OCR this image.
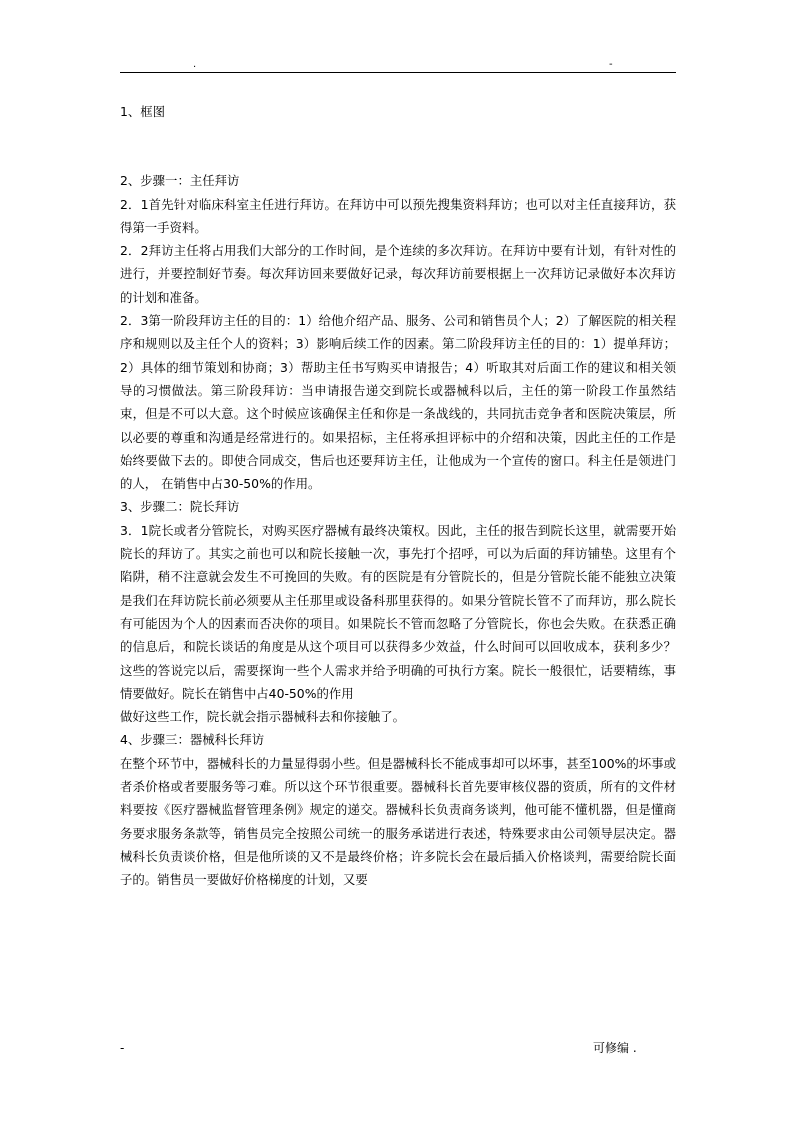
.	-

1、框图

2、步骤一：主任拜访

2．1首先针对临床科室主任进行拜访。在拜访中可以预先搜集资料拜访；也可以对主任直接拜访，获得第一手资料。

2．2拜访主任将占用我们大部分的工作时间，是个连续的多次拜访。在拜访中要有计划，有针对性的进行，并要控制好节奏。每次拜访回来要做好记录，每次拜访前要根据上一次拜访记录做好本次拜访的计划和准备。

2．3第一阶段拜访主任的目的：1）给他介绍产品、服务、公司和销售员个人；2）了解医院的相关程序和规则以及主任个人的资料；3）影响后续工作的因素。第二阶段拜访主任的目的：1）提单拜访；2）具体的细节策划和协商；3）帮助主任书写购买申请报告；4）听取其对后面工作的建议和相关领导的习惯做法。第三阶段拜访：当申请报告递交到院长或器械科以后，主任的第一阶段工作虽然结束，但是不可以大意。这个时候应该确保主任和你是一条战线的，共同抗击竞争者和医院决策层，所以必要的尊重和沟通是经常进行的。如果招标，主任将承担评标中的介绍和决策，因此主任的工作是始终要做下去的。即使合同成交，售后也还要拜访主任，让他成为一个宣传的窗口。科主任是领进门的人， 在销售中占30-50%的作用。

3、步骤二：院长拜访

3．1院长或者分管院长，对购买医疗器械有最终决策权。因此，主任的报告到院长这里，就需要开始院长的拜访了。其实之前也可以和院长接触一次，事先打个招呼，可以为后面的拜访铺垫。这里有个陷阱，稍不注意就会发生不可挽回的失败。有的医院是有分管院长的，但是分管院长能不能独立决策是我们在拜访院长前必须要从主任那里或设备科那里获得的。如果分管院长管不了而拜访，那么院长有可能因为个人的因素而否决你的项目。如果院长不管而忽略了分管院长，你也会失败。在获悉正确的信息后，和院长谈话的角度是从这个项目可以获得多少效益，什么时间可以回收成本，获利多少？这些的答说完以后，需要探询一些个人需求并给予明确的可执行方案。院长一般很忙，话要精练，事情要做好。院长在销售中占40-50%的作用

做好这些工作，院长就会指示器械科去和你接触了。

4、步骤三：器械科长拜访

在整个环节中，器械科长的力量显得弱小些。但是器械科长不能成事却可以坏事，甚至100%的坏事或者杀价格或者要服务等刁难。所以这个环节很重要。器械科长首先要审核仪器的资质，所有的文件材料要按《医疗器械监督管理条例》规定的递交。器械科长负责商务谈判，他可能不懂机器，但是懂商务要求服务条款等，销售员完全按照公司统一的服务承诺进行表述，特殊要求由公司领导层决定。器械科长负责谈价格，但是他所谈的又不是最终价格；许多院长会在最后插入价格谈判，需要给院长面子的。销售员一要做好价格梯度的计划，又要

-	可修编 .
